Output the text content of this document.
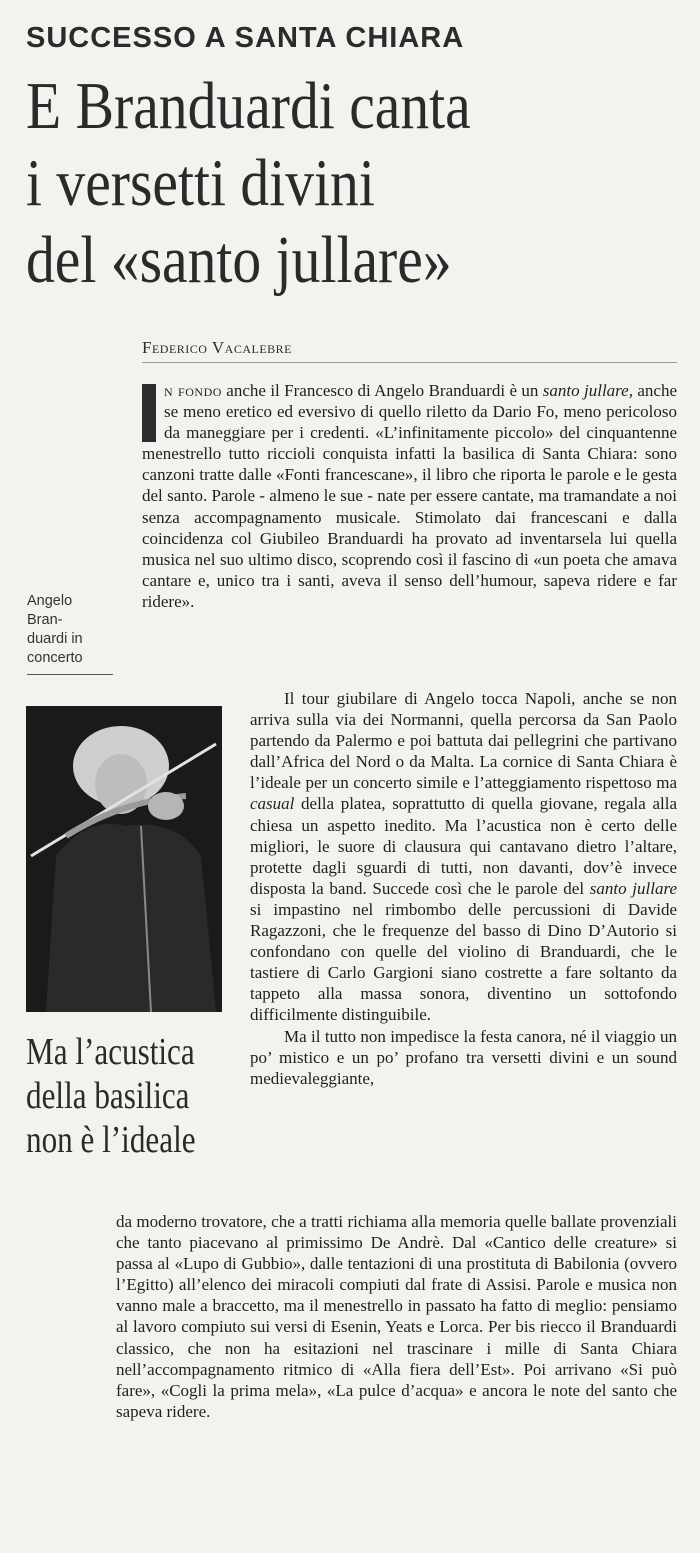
SUCCESSO A SANTA CHIARA
E Branduardi canta
i versetti divini
del «santo jullare»
Federico Vacalebre
Angelo
Bran-
duardi in
concerto
Ma l’acustica
della basilica
non è l’ideale

n fondo anche il Francesco di Angelo Branduardi è un santo jullare, anche se meno eretico ed eversivo di quello riletto da Dario Fo, meno pericoloso da maneggiare per i credenti. «L’infinitamente piccolo» del cinquantenne menestrello tutto riccioli conquista infatti la basilica di Santa Chiara: sono canzoni tratte dalle «Fonti francescane», il libro che riporta le parole e le gesta del santo. Parole - almeno le sue - nate per essere cantate, ma tramandate a noi senza accompagnamento musicale. Stimolato dai francescani e dalla coincidenza col Giubileo Branduardi ha provato ad inventarsela lui quella musica nel suo ultimo disco, scoprendo così il fascino di «un poeta che amava cantare e, unico tra i santi, aveva il senso dell’humour, sapeva ridere e far ridere».

Il tour giubilare di Angelo tocca Napoli, anche se non arriva sulla via dei Normanni, quella percorsa da San Paolo partendo da Palermo e poi battuta dai pellegrini che partivano dall’Africa del Nord o da Malta. La cornice di Santa Chiara è l’ideale per un concerto simile e l’atteggiamento rispettoso ma casual della platea, soprattutto di quella giovane, regala alla chiesa un aspetto inedito. Ma l’acustica non è certo delle migliori, le suore di clausura qui cantavano dietro l’altare, protette dagli sguardi di tutti, non davanti, dov’è invece disposta la band. Succede così che le parole del santo jullare si impastino nel rimbombo delle percussioni di Davide Ragazzoni, che le frequenze del basso di Dino D’Autorio si confondano con quelle del violino di Branduardi, che le tastiere di Carlo Gargioni siano costrette a fare soltanto da tappeto alla massa sonora, diventino un sottofondo difficilmente distinguibile.

Ma il tutto non impedisce la festa canora, né il viaggio un po’ mistico e un po’ profano tra versetti divini e un sound medievaleggiante,

da moderno trovatore, che a tratti richiama alla memoria quelle ballate provenziali che tanto piacevano al primissimo De Andrè. Dal «Cantico delle creature» si passa al «Lupo di Gubbio», dalle tentazioni di una prostituta di Babilonia (ovvero l’Egitto) all’elenco dei miracoli compiuti dal frate di Assisi. Parole e musica non vanno male a braccetto, ma il menestrello in passato ha fatto di meglio: pensiamo al lavoro compiuto sui versi di Esenin, Yeats e Lorca. Per bis riecco il Branduardi classico, che non ha esitazioni nel trascinare i mille di Santa Chiara nell’accompagnamento ritmico di «Alla fiera dell’Est». Poi arrivano «Si può fare», «Cogli la prima mela», «La pulce d’acqua» e ancora le note del santo che sapeva ridere.
